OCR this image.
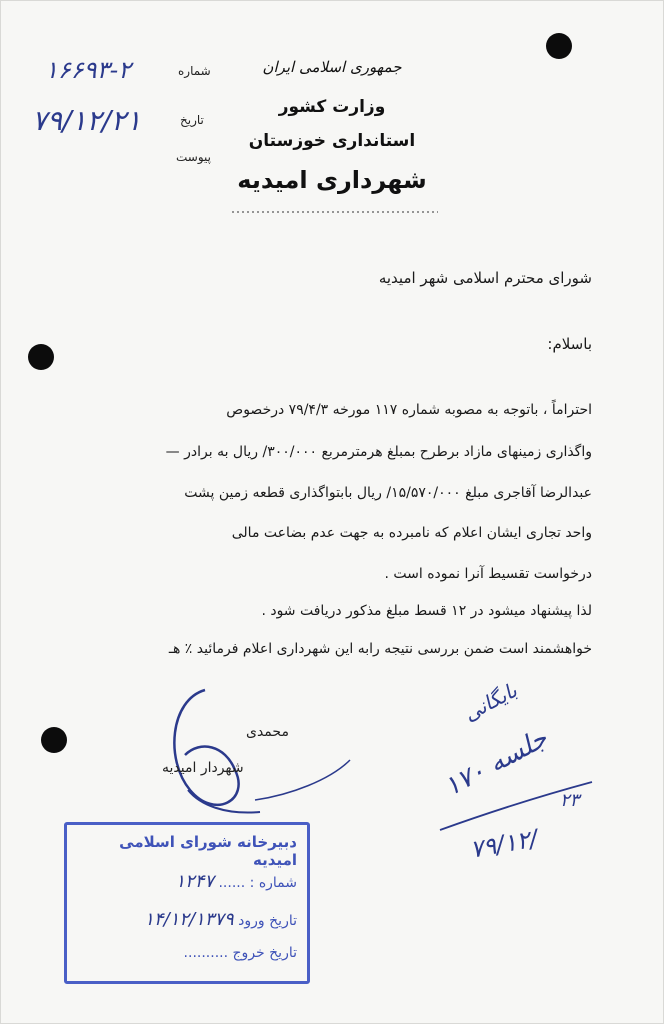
شماره
تاریخ
پیوست
۱۶۶۹۳-۲
۷۹/۱۲/۲۱
جمهوری اسلامی ایران
وزارت کشور
استانداری خوزستان
شهرداری امیدیه
شورای محترم اسلامی شهر امیدیه
باسلام:
احتراماً ، باتوجه به مصوبه شماره ۱۱۷ مورخه ۷۹/۴/۳ درخصوص
واگذاری زمینهای مازاد برطرح بمبلغ هرمترمربع ۳۰۰/۰۰۰/ ریال به برادر —
عبدالرضا آقاجری مبلغ ۱۵/۵۷۰/۰۰۰/ ریال بابتواگذاری قطعه زمین پشت
واحد تجاری ایشان اعلام که نامبرده به جهت عدم بضاعت مالی
درخواست تقسیط آنرا نموده است .
لذا پیشنهاد میشود در ۱۲ قسط مبلغ مذکور دریافت شود .
خواهشمند است ضمن بررسی نتیجه رابه این شهرداری اعلام فرمائید ٪ هـ
محمدی
شهردار امیدیه
بایگانی
جلسه ۱۷۰
۲۳
۷۹/۱۲/
دبیرخانه شورای اسلامی امیدیه
شماره : ...... ۱۲۴۷
تاریخ ورود ۱۴/۱۲/۱۳۷۹
تاریخ خروج ..........
